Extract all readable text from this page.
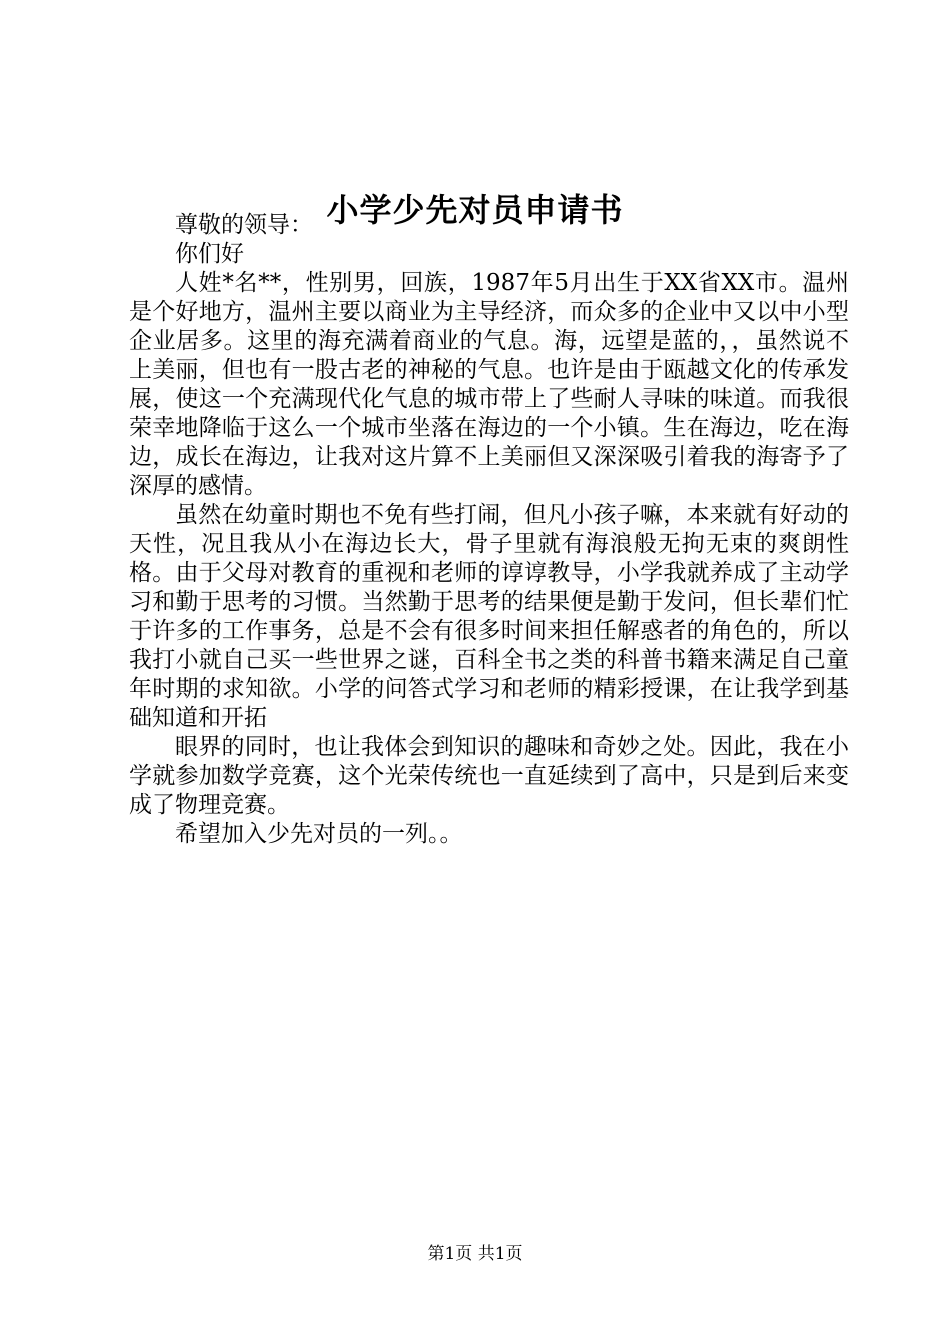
小学少先对员申请书

尊敬的领导：

你们好

人姓*名**，性别男，回族，1987年5月出生于XX省XX市。温州是个好地方，温州主要以商业为主导经济，而众多的企业中又以中小型企业居多。这里的海充满着商业的气息。海，远望是蓝的，，虽然说不上美丽，但也有一股古老的神秘的气息。也许是由于瓯越文化的传承发展，使这一个充满现代化气息的城市带上了些耐人寻味的味道。而我很荣幸地降临于这么一个城市坐落在海边的一个小镇。生在海边，吃在海边，成长在海边，让我对这片算不上美丽但又深深吸引着我的海寄予了深厚的感情。

虽然在幼童时期也不免有些打闹，但凡小孩子嘛，本来就有好动的天性，况且我从小在海边长大，骨子里就有海浪般无拘无束的爽朗性格。由于父母对教育的重视和老师的谆谆教导，小学我就养成了主动学习和勤于思考的习惯。当然勤于思考的结果便是勤于发问，但长辈们忙于许多的工作事务，总是不会有很多时间来担任解惑者的角色的，所以我打小就自己买一些世界之谜，百科全书之类的科普书籍来满足自己童年时期的求知欲。小学的问答式学习和老师的精彩授课，在让我学到基础知道和开拓

眼界的同时，也让我体会到知识的趣味和奇妙之处。因此，我在小学就参加数学竞赛，这个光荣传统也一直延续到了高中，只是到后来变成了物理竞赛。

希望加入少先对员的一列。。

第1页 共1页
